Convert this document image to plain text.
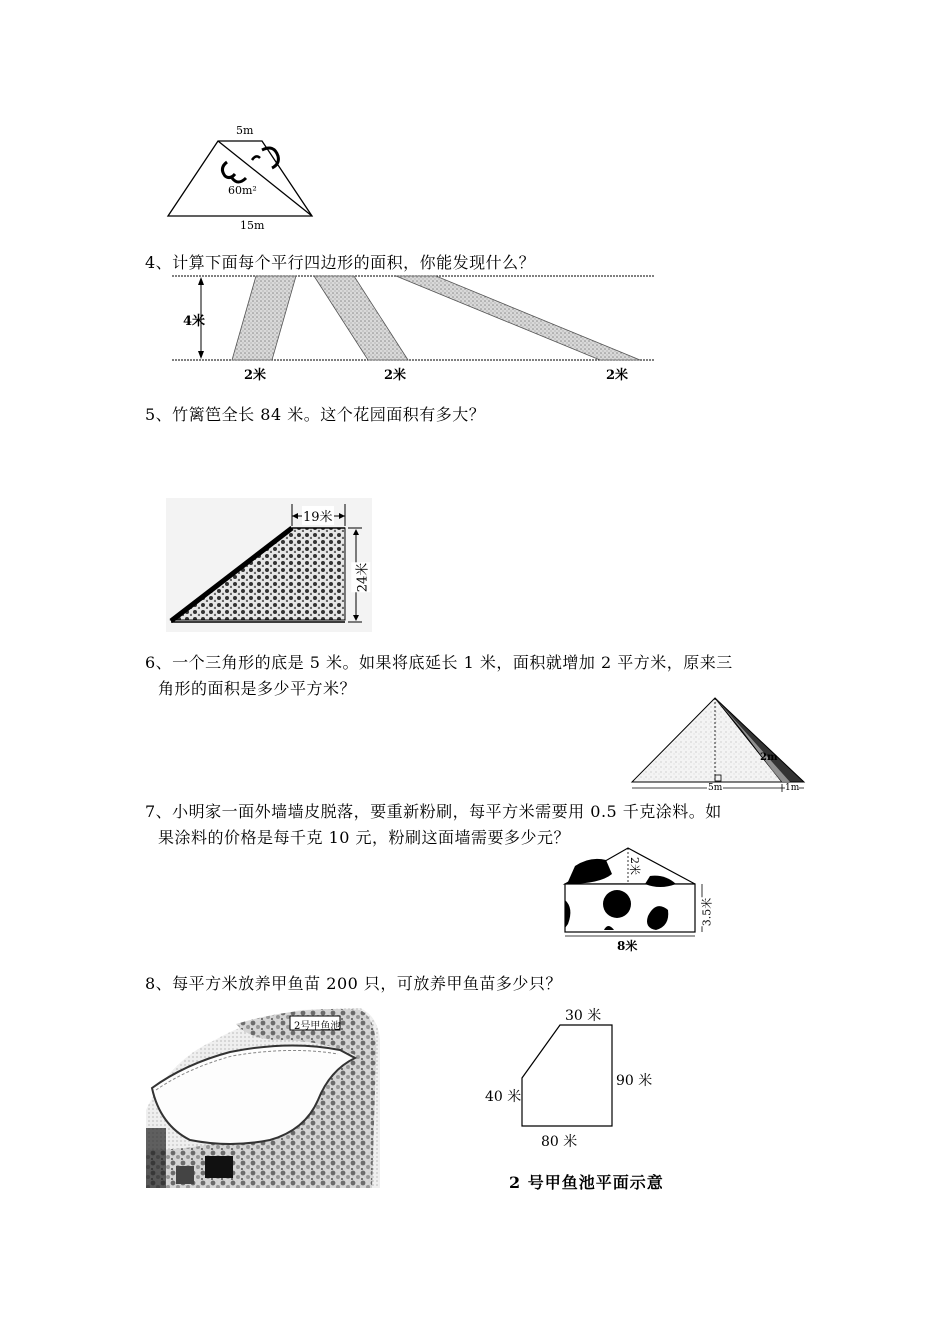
5m
60m²
15m
4、计算下面每个平行四边形的面积，你能发现什么？
4米
2米	2米	2米
5、竹篱笆全长 84 米。这个花园面积有多大？
19米
24米
6、一个三角形的底是 5 米。如果将底延长 1 米，面积就增加 2 平方米，原来三
角形的面积是多少平方米？
5m	1m
2m
7、小明家一面外墙墙皮脱落，要重新粉刷，每平方米需要用 0.5 千克涂料。如
果涂料的价格是每千克 10 元，粉刷这面墙需要多少元？
2米
3.5米
8米
8、每平方米放养甲鱼苗 200 只，可放养甲鱼苗多少只？
2号甲鱼池
30 米
90 米
40 米
80 米
2 号甲鱼池平面示意
